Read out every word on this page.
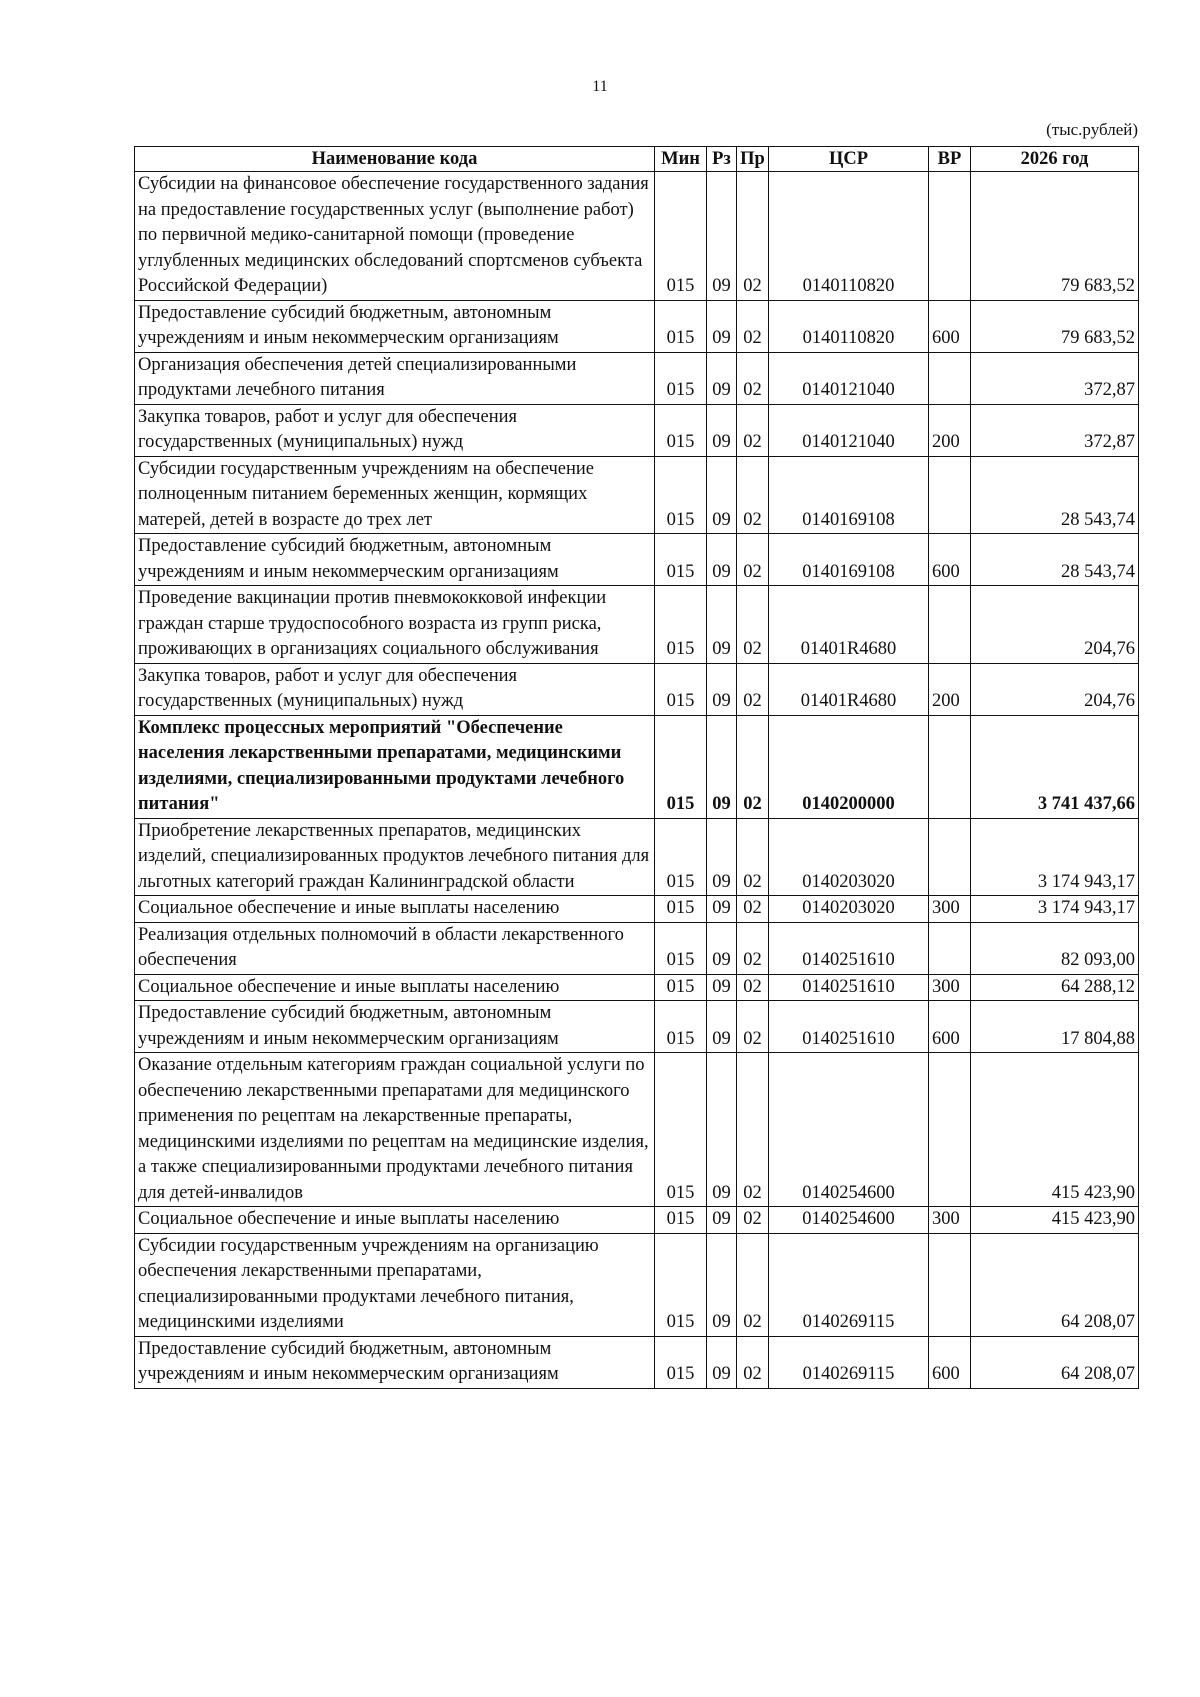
11
(тыс.рублей)
Наименование кода	Мин	Рз	Пр	ЦСР	ВР	2026 год
Субсидии на финансовое обеспечение государственного задания на предоставление государственных услуг (выполнение работ) по первичной медико-санитарной помощи (проведение углубленных медицинских обследований спортсменов субъекта Российской Федерации)	015	09	02	0140110820		79 683,52
Предоставление субсидий бюджетным, автономным учреждениям и иным некоммерческим организациям	015	09	02	0140110820	600	79 683,52
Организация обеспечения детей специализированными продуктами лечебного питания	015	09	02	0140121040		372,87
Закупка товаров, работ и услуг для обеспечения государственных (муниципальных) нужд	015	09	02	0140121040	200	372,87
Субсидии государственным учреждениям на обеспечение полноценным питанием беременных женщин, кормящих матерей, детей в возрасте до трех лет	015	09	02	0140169108		28 543,74
Предоставление субсидий бюджетным, автономным учреждениям и иным некоммерческим организациям	015	09	02	0140169108	600	28 543,74
Проведение вакцинации против пневмококковой инфекции граждан старше трудоспособного возраста из групп риска, проживающих в организациях социального обслуживания	015	09	02	01401R4680		204,76
Закупка товаров, работ и услуг для обеспечения государственных (муниципальных) нужд	015	09	02	01401R4680	200	204,76
Комплекс процессных мероприятий "Обеспечение населения лекарственными препаратами, медицинскими изделиями, специализированными продуктами лечебного питания"	015	09	02	0140200000		3 741 437,66
Приобретение лекарственных препаратов, медицинских изделий, специализированных продуктов лечебного питания для льготных категорий граждан Калининградской области	015	09	02	0140203020		3 174 943,17
Социальное обеспечение и иные выплаты населению	015	09	02	0140203020	300	3 174 943,17
Реализация отдельных полномочий в области лекарственного обеспечения	015	09	02	0140251610		82 093,00
Социальное обеспечение и иные выплаты населению	015	09	02	0140251610	300	64 288,12
Предоставление субсидий бюджетным, автономным учреждениям и иным некоммерческим организациям	015	09	02	0140251610	600	17 804,88
Оказание отдельным категориям граждан социальной услуги по обеспечению лекарственными препаратами для медицинского применения по рецептам на лекарственные препараты, медицинскими изделиями по рецептам на медицинские изделия, а также специализированными продуктами лечебного питания для детей-инвалидов	015	09	02	0140254600		415 423,90
Социальное обеспечение и иные выплаты населению	015	09	02	0140254600	300	415 423,90
Субсидии государственным учреждениям на организацию обеспечения лекарственными препаратами, специализированными продуктами лечебного питания, медицинскими изделиями	015	09	02	0140269115		64 208,07
Предоставление субсидий бюджетным, автономным учреждениям и иным некоммерческим организациям	015	09	02	0140269115	600	64 208,07
